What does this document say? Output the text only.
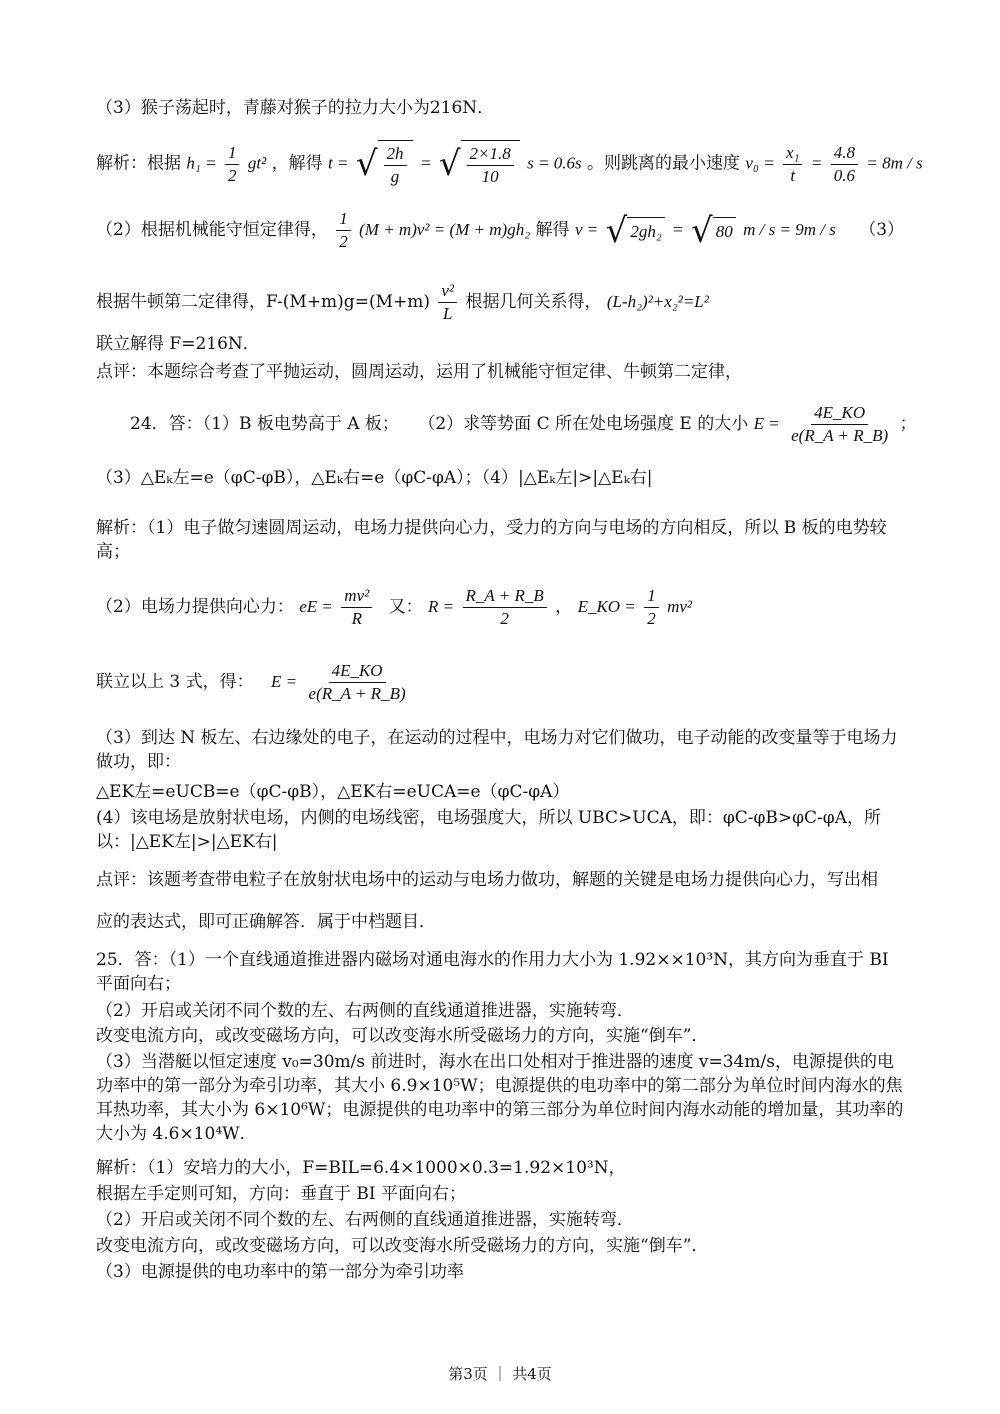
（3）猴子荡起时，青藤对猴子的拉力大小为216N．
解析：根据 $h_1 = \frac{1}{2} gt^2$ ，解得 t = √ $\frac{2h}{g}$ = √ $\frac{2\times 1.8}{10}$ s = 0.6s 。则跳离的最小速度 $v_0 = \frac{\text{x₁}}{t} = \frac{4.8}{0.6} = 8m / s$
（2）根据机械能守恒定律得， $\frac{1}{2} (M + m)v^2 = (M + m)gh_2$ 解得 v = √ 2gh₂ = √ 80 m / s = 9m / s （3）
根据牛顿第二定律得，$F-(M+m)g=(M+m) \frac{\text{v²}}{L}$ 根据几何关系得， (L-h₂)²+x₂²=L²
联立解得 F=216N．
点评：本题综合考查了平抛运动，圆周运动，运用了机械能守恒定律、牛顿第二定律，
24．答：（1）B 板电势高于 A 板； （2）求等势面 C 所在处电场强度 E 的大小 $E = \frac{4E\_KO}{e(R\_A + R\_B)}$ ；
（3）△Eₖ左=e（φC-φB），△Eₖ右=e（φC-φA）；（4）|△Eₖ左|>|△Eₖ右|
解析：（1）电子做匀速圆周运动，电场力提供向心力，受力的方向与电场的方向相反，所以 B 板的电势较高；
（2）电场力提供向心力： eE = $\frac{\text{mv²}}{R}$ 又： $R = \frac{R\_A + R\_B}{2}$ ， E_KO = $\frac{1}{2} mv^2$
联立以上 3 式，得： $E = \frac{4E\_KO}{e(R\_A + R\_B)}$
（3）到达 N 板左、右边缘处的电子，在运动的过程中，电场力对它们做功，电子动能的改变量等于电场力做功，即：
△EK左=eUCB=e（φC-φB），△EK右=eUCA=e（φC-φA）
(4）该电场是放射状电场，内侧的电场线密，电场强度大，所以 UBC>UCA，即：φC-φB>φC-φA，所以：|△EK左|>|△EK右|
点评：该题考查带电粒子在放射状电场中的运动与电场力做功，解题的关键是电场力提供向心力，写出相
应的表达式，即可正确解答．属于中档题目．
25．答：（1）一个直线通道推进器内磁场对通电海水的作用力大小为 1.92××10³N，其方向为垂直于 BI 平面向右；
（2）开启或关闭不同个数的左、右两侧的直线通道推进器，实施转弯．
改变电流方向，或改变磁场方向，可以改变海水所受磁场力的方向，实施“倒车”．
（3）当潜艇以恒定速度 v₀=30m/s 前进时，海水在出口处相对于推进器的速度 v=34m/s，电源提供的电功率中的第一部分为牵引功率，其大小 6.9×10⁵W；电源提供的电功率中的第二部分为单位时间内海水的焦耳热功率，其大小为 6×10⁶W；电源提供的电功率中的第三部分为单位时间内海水动能的增加量，其功率的大小为 4.6×10⁴W．
解析：（1）安培力的大小，F=BIL=6.4×1000×0.3=1.92×10³N，
根据左手定则可知，方向：垂直于 BI 平面向右；
（2）开启或关闭不同个数的左、右两侧的直线通道推进器，实施转弯．
改变电流方向，或改变磁场方向，可以改变海水所受磁场力的方向，实施“倒车”．
（3）电源提供的电功率中的第一部分为牵引功率
第3页 ｜ 共4页
